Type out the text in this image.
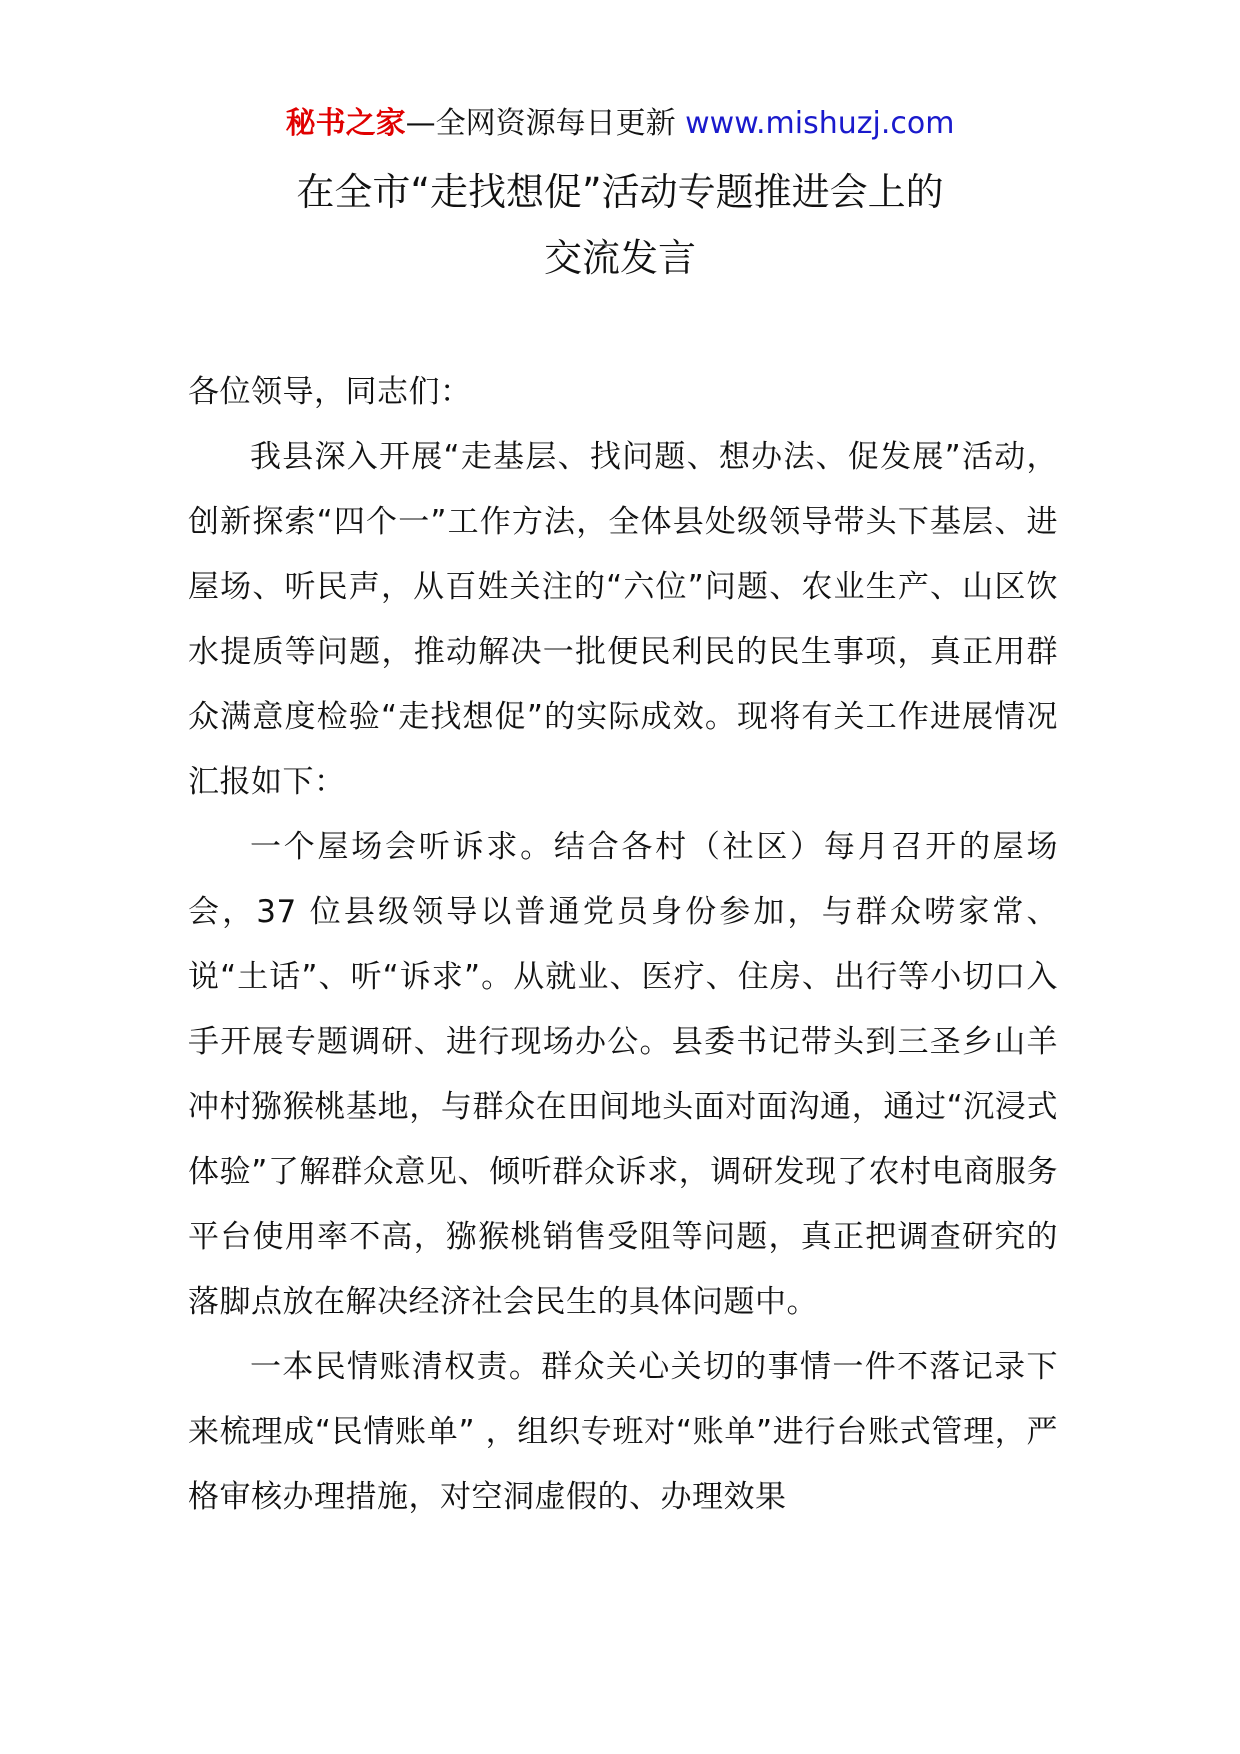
秘书之家—全网资源每日更新 www.mishuzj.com
在全市“走找想促”活动专题推进会上的
交流发言

各位领导，同志们：

我县深入开展“走基层、找问题、想办法、促发展”活动，创新探索“四个一”工作方法，全体县处级领导带头下基层、进屋场、听民声，从百姓关注的“六位”问题、农业生产、山区饮水提质等问题，推动解决一批便民利民的民生事项，真正用群众满意度检验“走找想促”的实际成效。现将有关工作进展情况汇报如下：

一个屋场会听诉求。结合各村（社区）每月召开的屋场会，37 位县级领导以普通党员身份参加，与群众唠家常、说“土话”、听“诉求”。从就业、医疗、住房、出行等小切口入手开展专题调研、进行现场办公。县委书记带头到三圣乡山羊冲村猕猴桃基地，与群众在田间地头面对面沟通，通过“沉浸式体验”了解群众意见、倾听群众诉求，调研发现了农村电商服务平台使用率不高，猕猴桃销售受阻等问题，真正把调查研究的落脚点放在解决经济社会民生的具体问题中。

一本民情账清权责。群众关心关切的事情一件不落记录下来梳理成“民情账单” ，组织专班对“账单”进行台账式管理，严格审核办理措施，对空洞虚假的、办理效果
